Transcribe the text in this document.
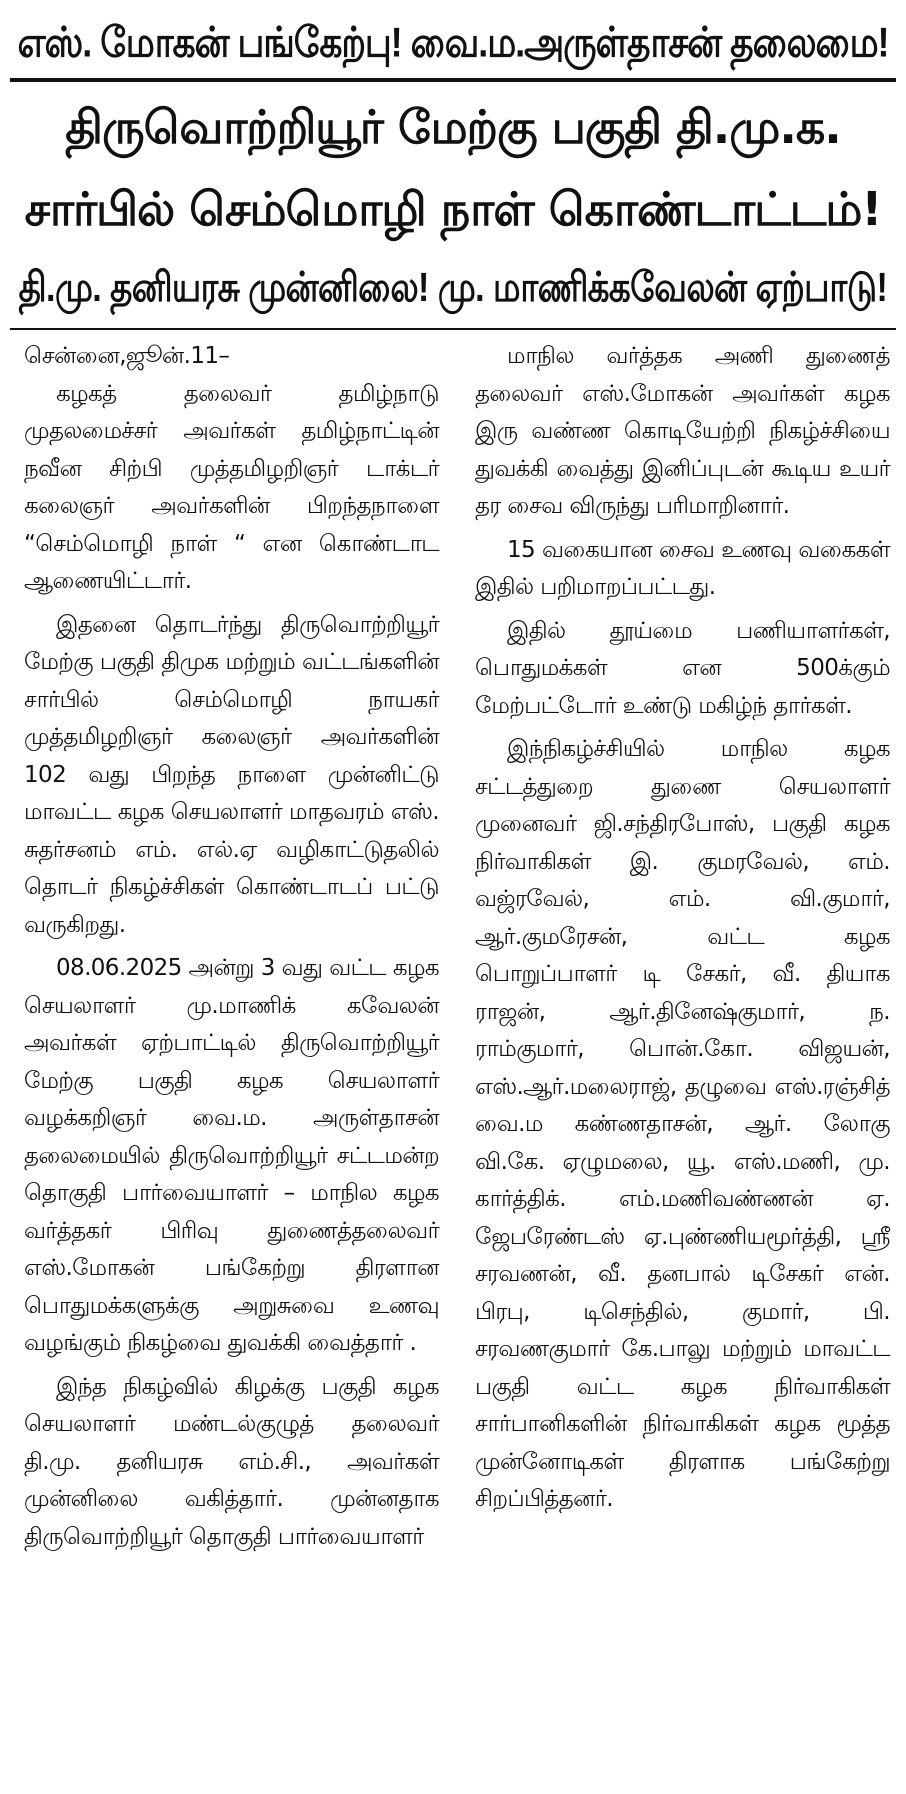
எஸ். மோகன் பங்கேற்பு! வை.ம.அருள்தாசன் தலைமை!
திருவொற்றியூர் மேற்கு பகுதி தி.மு.க.
சார்பில் செம்மொழி நாள் கொண்டாட்டம்!
தி.மு. தனியரசு முன்னிலை! மு. மாணிக்கவேலன் ஏற்பாடு!

சென்னை,ஜூன்.11–

கழகத் தலைவர் தமிழ்நாடு முதலமைச்சர் அவர்கள் தமிழ்நாட்டின் நவீன சிற்பி முத்தமிழறிஞர் டாக்டர் கலைஞர் அவர்களின் பிறந்தநாளை “செம்மொழி நாள் “ என கொண்டாட ஆணையிட்டார்.

இதனை தொடர்ந்து திருவொற்றியூர் மேற்கு பகுதி திமுக மற்றும் வட்டங்களின் சார்பில் செம்மொழி நாயகர் முத்தமிழறிஞர் கலைஞர் அவர்களின் 102 வது பிறந்த நாளை முன்னிட்டு மாவட்ட கழக செயலாளர் மாதவரம் எஸ். சுதர்சனம் எம். எல்.ஏ வழிகாட்டுதலில் தொடர் நிகழ்ச்சிகள் கொண்டாடப் பட்டு வருகிறது.

08.06.2025 அன்று 3 வது வட்ட கழக செயலாளர் மு.மாணிக் கவேலன் அவர்கள் ஏற்பாட்டில் திருவொற்றியூர் மேற்கு பகுதி கழக செயலாளர் வழக்கறிஞர் வை.ம. அருள்தாசன் தலைமையில் திருவொற்றியூர் சட்டமன்ற தொகுதி பார்வையாளர் – மாநில கழக வர்த்தகர் பிரிவு துணைத்தலைவர் எஸ்.மோகன் பங்கேற்று திரளான பொதுமக்களுக்கு அறுசுவை உணவு வழங்கும் நிகழ்வை துவக்கி வைத்தார் .

இந்த நிகழ்வில் கிழக்கு பகுதி கழக செயலாளர் மண்டல்குழுத் தலைவர் தி.மு. தனியரசு எம்.சி., அவர்கள் முன்னிலை வகித்தார். முன்னதாக திருவொற்றியூர் தொகுதி பார்வையாளர்

மாநில வர்த்தக அணி துணைத் தலைவர் எஸ்.மோகன் அவர்கள் கழக இரு வண்ண கொடியேற்றி நிகழ்ச்சியை துவக்கி வைத்து இனிப்புடன் கூடிய உயர் தர சைவ விருந்து பரிமாறினார்.

15 வகையான சைவ உணவு வகைகள் இதில் பறிமாறப்பட்டது.

இதில் தூய்மை பணியாளர்கள், பொதுமக்கள் என 500க்கும் மேற்பட்டோர் உண்டு மகிழ்ந் தார்கள்.

இந்நிகழ்ச்சியில் மாநில கழக சட்டத்துறை துணை செயலாளர் முனைவர் ஜி.சந்திரபோஸ், பகுதி கழக நிர்வாகிகள் இ. குமரவேல், எம். வஜ்ரவேல், எம். வி.குமார், ஆர்.குமரேசன், வட்ட கழக பொறுப்பாளர் டி சேகர், வீ. தியாக ராஜன், ஆர்.தினேஷ்குமார், ந. ராம்குமார், பொன்.கோ. விஜயன், எஸ்.ஆர்.மலைராஜ், தழுவை எஸ்.ரஞ்சித் வை.ம கண்ணதாசன், ஆர். லோகு வி.கே. ஏழுமலை, யூ. எஸ்.மணி, மு. கார்த்திக். எம்.மணிவண்ணன் ஏ. ஜேபரேண்டஸ் ஏ.புண்ணியமூர்த்தி, ஸ்ரீ சரவணன், வீ. தனபால் டிசேகர் என். பிரபு, டிசெந்தில், குமார், பி. சரவணகுமார் கே.பாலு மற்றும் மாவட்ட பகுதி வட்ட கழக நிர்வாகிகள் சார்பானிகளின் நிர்வாகிகள் கழக மூத்த முன்னோடிகள் திரளாக பங்கேற்று சிறப்பித்தனர்.
